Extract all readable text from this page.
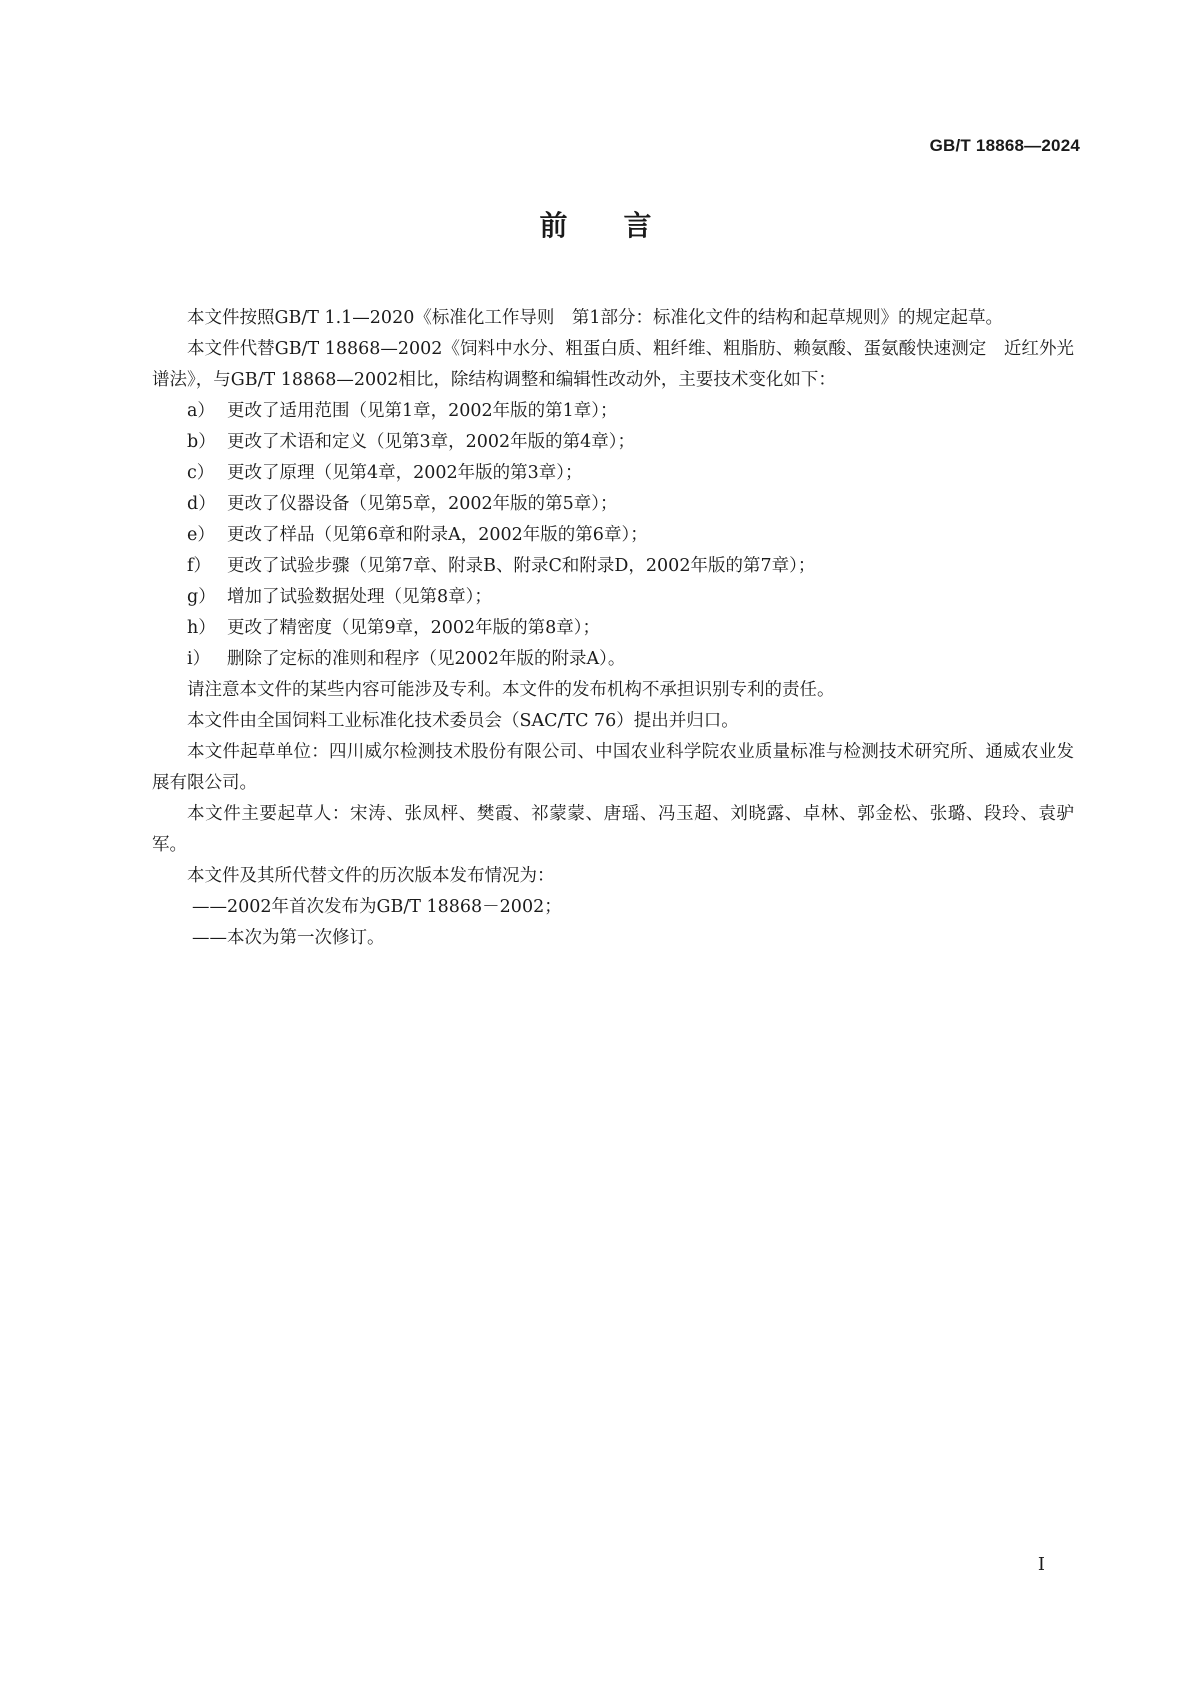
GB/T 18868—2024
前 言

本文件按照GB/T 1.1—2020《标准化工作导则　第1部分：标准化文件的结构和起草规则》的规定起草。

本文件代替GB/T 18868—2002《饲料中水分、粗蛋白质、粗纤维、粗脂肪、赖氨酸、蛋氨酸快速测定　近红外光谱法》，与GB/T 18868—2002相比，除结构调整和编辑性改动外，主要技术变化如下：

a） 更改了适用范围（见第1章，2002年版的第1章）；

b） 更改了术语和定义（见第3章，2002年版的第4章）；

c） 更改了原理（见第4章，2002年版的第3章）；

d） 更改了仪器设备（见第5章，2002年版的第5章）；

e） 更改了样品（见第6章和附录A，2002年版的第6章）；

f） 更改了试验步骤（见第7章、附录B、附录C和附录D，2002年版的第7章）；

g） 增加了试验数据处理（见第8章）；

h） 更改了精密度（见第9章，2002年版的第8章）；

i） 删除了定标的准则和程序（见2002年版的附录A）。

请注意本文件的某些内容可能涉及专利。本文件的发布机构不承担识别专利的责任。

本文件由全国饲料工业标准化技术委员会（SAC/TC 76）提出并归口。

本文件起草单位：四川威尔检测技术股份有限公司、中国农业科学院农业质量标准与检测技术研究所、通威农业发展有限公司。

本文件主要起草人：宋涛、张凤枰、樊霞、祁蒙蒙、唐瑶、冯玉超、刘晓露、卓林、郭金松、张璐、段玲、袁驴军。

本文件及其所代替文件的历次版本发布情况为：

——2002年首次发布为GB/T 18868－2002；

——本次为第一次修订。

I
